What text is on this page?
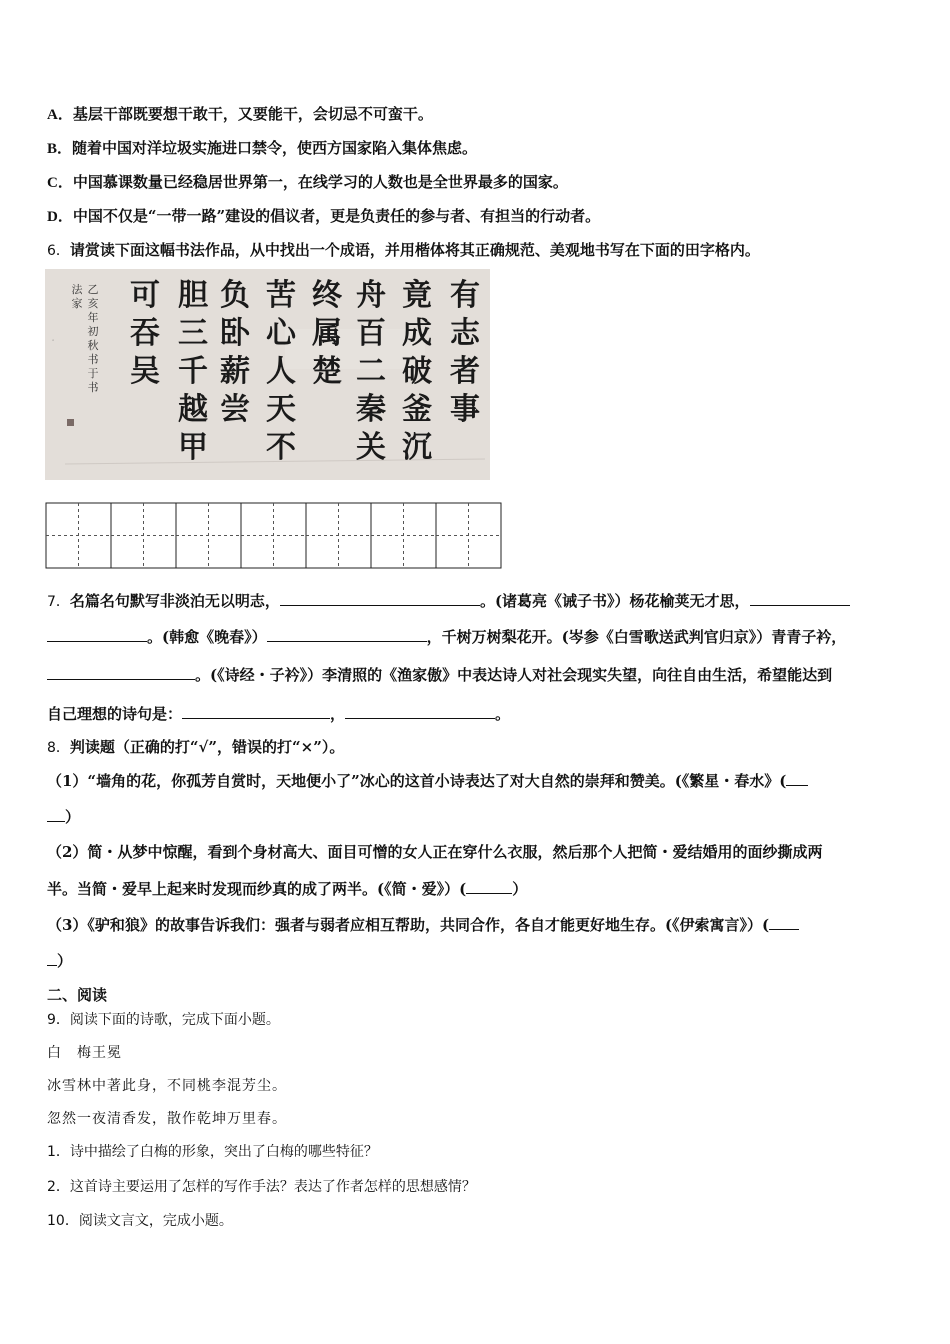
A．基层干部既要想干敢干，又要能干，会切忌不可蛮干。
B．随着中国对洋垃圾实施进口禁令，使西方国家陷入集体焦虑。
C．中国慕课数量已经稳居世界第一，在线学习的人数也是全世界最多的国家。
D．中国不仅是“一带一路”建设的倡议者，更是负责任的参与者、有担当的行动者。
6．请赏读下面这幅书法作品，从中找出一个成语，并用楷体将其正确规范、美观地书写在下面的田字格内。
．
有
志
者
事
竟
成
破
釜
沉
舟
百
二
秦
关
终
属
楚
苦
心
人
天
不
负
卧
薪
尝
胆
三
千
越
甲
可
吞
吴
乙
亥
年
初
秋
书
于
书
法
家
7．名篇名句默写非淡泊无以明志，	。(诸葛亮《诫子书》）杨花榆荚无才思，
。(韩愈《晚春》）	，千树万树梨花开。(岑参《白雪歌送武判官归京》）青青子衿，
。(《诗经・子衿》）李清照的《渔家傲》中表达诗人对社会现实失望，向往自由生活，希望能达到
自己理想的诗句是：	，	。
8．判读题（正确的打“√”，错误的打“×”）。
（1）“墙角的花，你孤芳自赏时，天地便小了”冰心的这首小诗表达了对大自然的崇拜和赞美。(《繁星・春水》(
）
（2）简・从梦中惊醒，看到个身材高大、面目可憎的女人正在穿什么衣服，然后那个人把简・爱结婚用的面纱撕成两
半。当简・爱早上起来时发现而纱真的成了两半。(《简・爱》）(	）
（3）《驴和狼》的故事告诉我们：强者与弱者应相互帮助，共同合作，各自才能更好地生存。(《伊索寓言》）(
）
二、阅读
9．阅读下面的诗歌，完成下面小题。
白　梅王冕
冰雪林中著此身，不同桃李混芳尘。
忽然一夜清香发，散作乾坤万里春。
1．诗中描绘了白梅的形象，突出了白梅的哪些特征？
2．这首诗主要运用了怎样的写作手法？表达了作者怎样的思想感情？
10．阅读文言文，完成小题。
